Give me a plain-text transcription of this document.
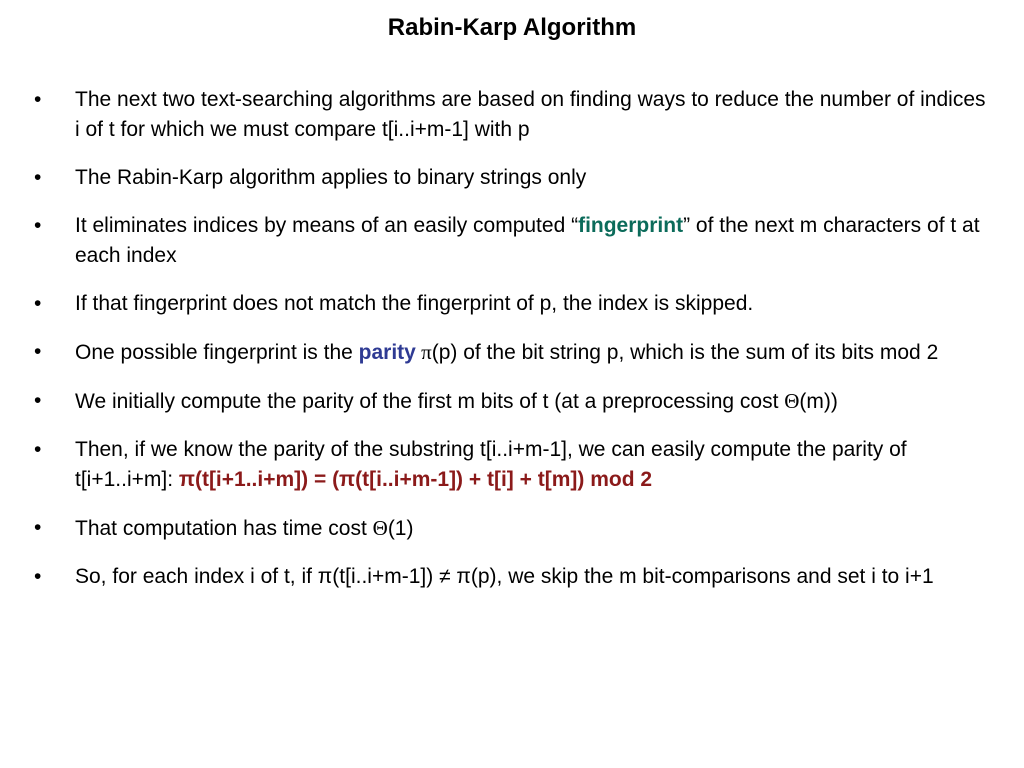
Rabin-Karp Algorithm
• The next two text-searching algorithms are based on finding ways to reduce the number of indices i of t for which we must compare t[i..i+m-1] with p
• The Rabin-Karp algorithm applies to binary strings only
• It eliminates indices by means of an easily computed “fingerprint” of the next m characters of t at each index
• If that fingerprint does not match the fingerprint of p, the index is skipped.
• One possible fingerprint is the parity π(p) of the bit string p, which is the sum of its bits mod 2
• We initially compute the parity of the first m bits of t (at a preprocessing cost Θ(m))
• Then, if we know the parity of the substring t[i..i+m-1], we can easily compute the parity of t[i+1..i+m]: π(t[i+1..i+m]) = (π(t[i..i+m-1]) + t[i] + t[m]) mod 2
• That computation has time cost Θ(1)
• So, for each index i of t, if π(t[i..i+m-1]) ≠ π(p), we skip the m bit-comparisons and set i to i+1
